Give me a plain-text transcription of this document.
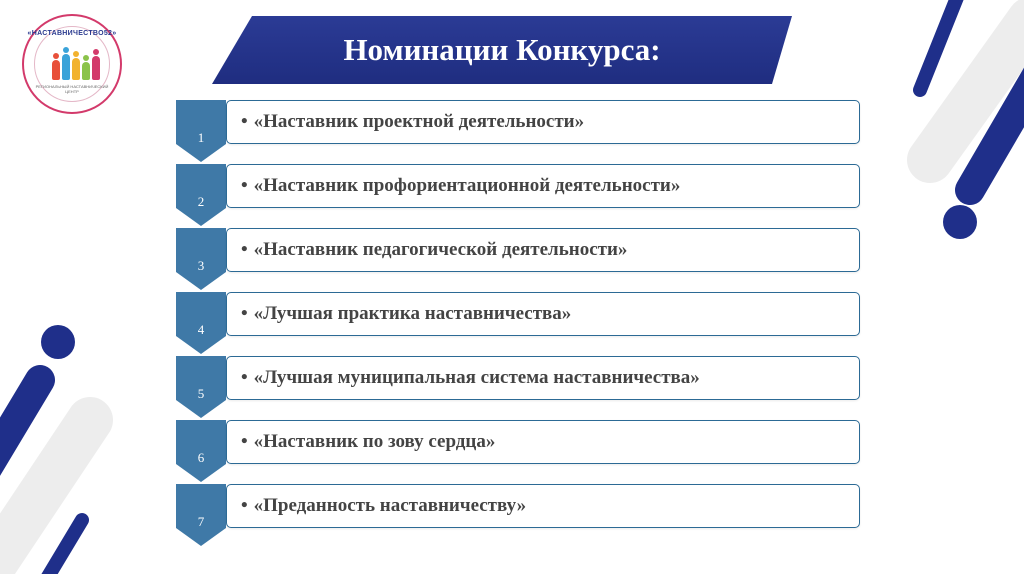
«НАСТАВНИЧЕСТВО52»
РЕГИОНАЛЬНЫЙ НАСТАВНИЧЕСКИЙ ЦЕНТР
Номинации Конкурса:
1
• «Наставник проектной деятельности»
2
• «Наставник профориентационной деятельности»
3
• «Наставник педагогической деятельности»
4
• «Лучшая практика наставничества»
5
• «Лучшая муниципальная система наставничества»
6
• «Наставник по зову сердца»
7
• «Преданность наставничеству»
